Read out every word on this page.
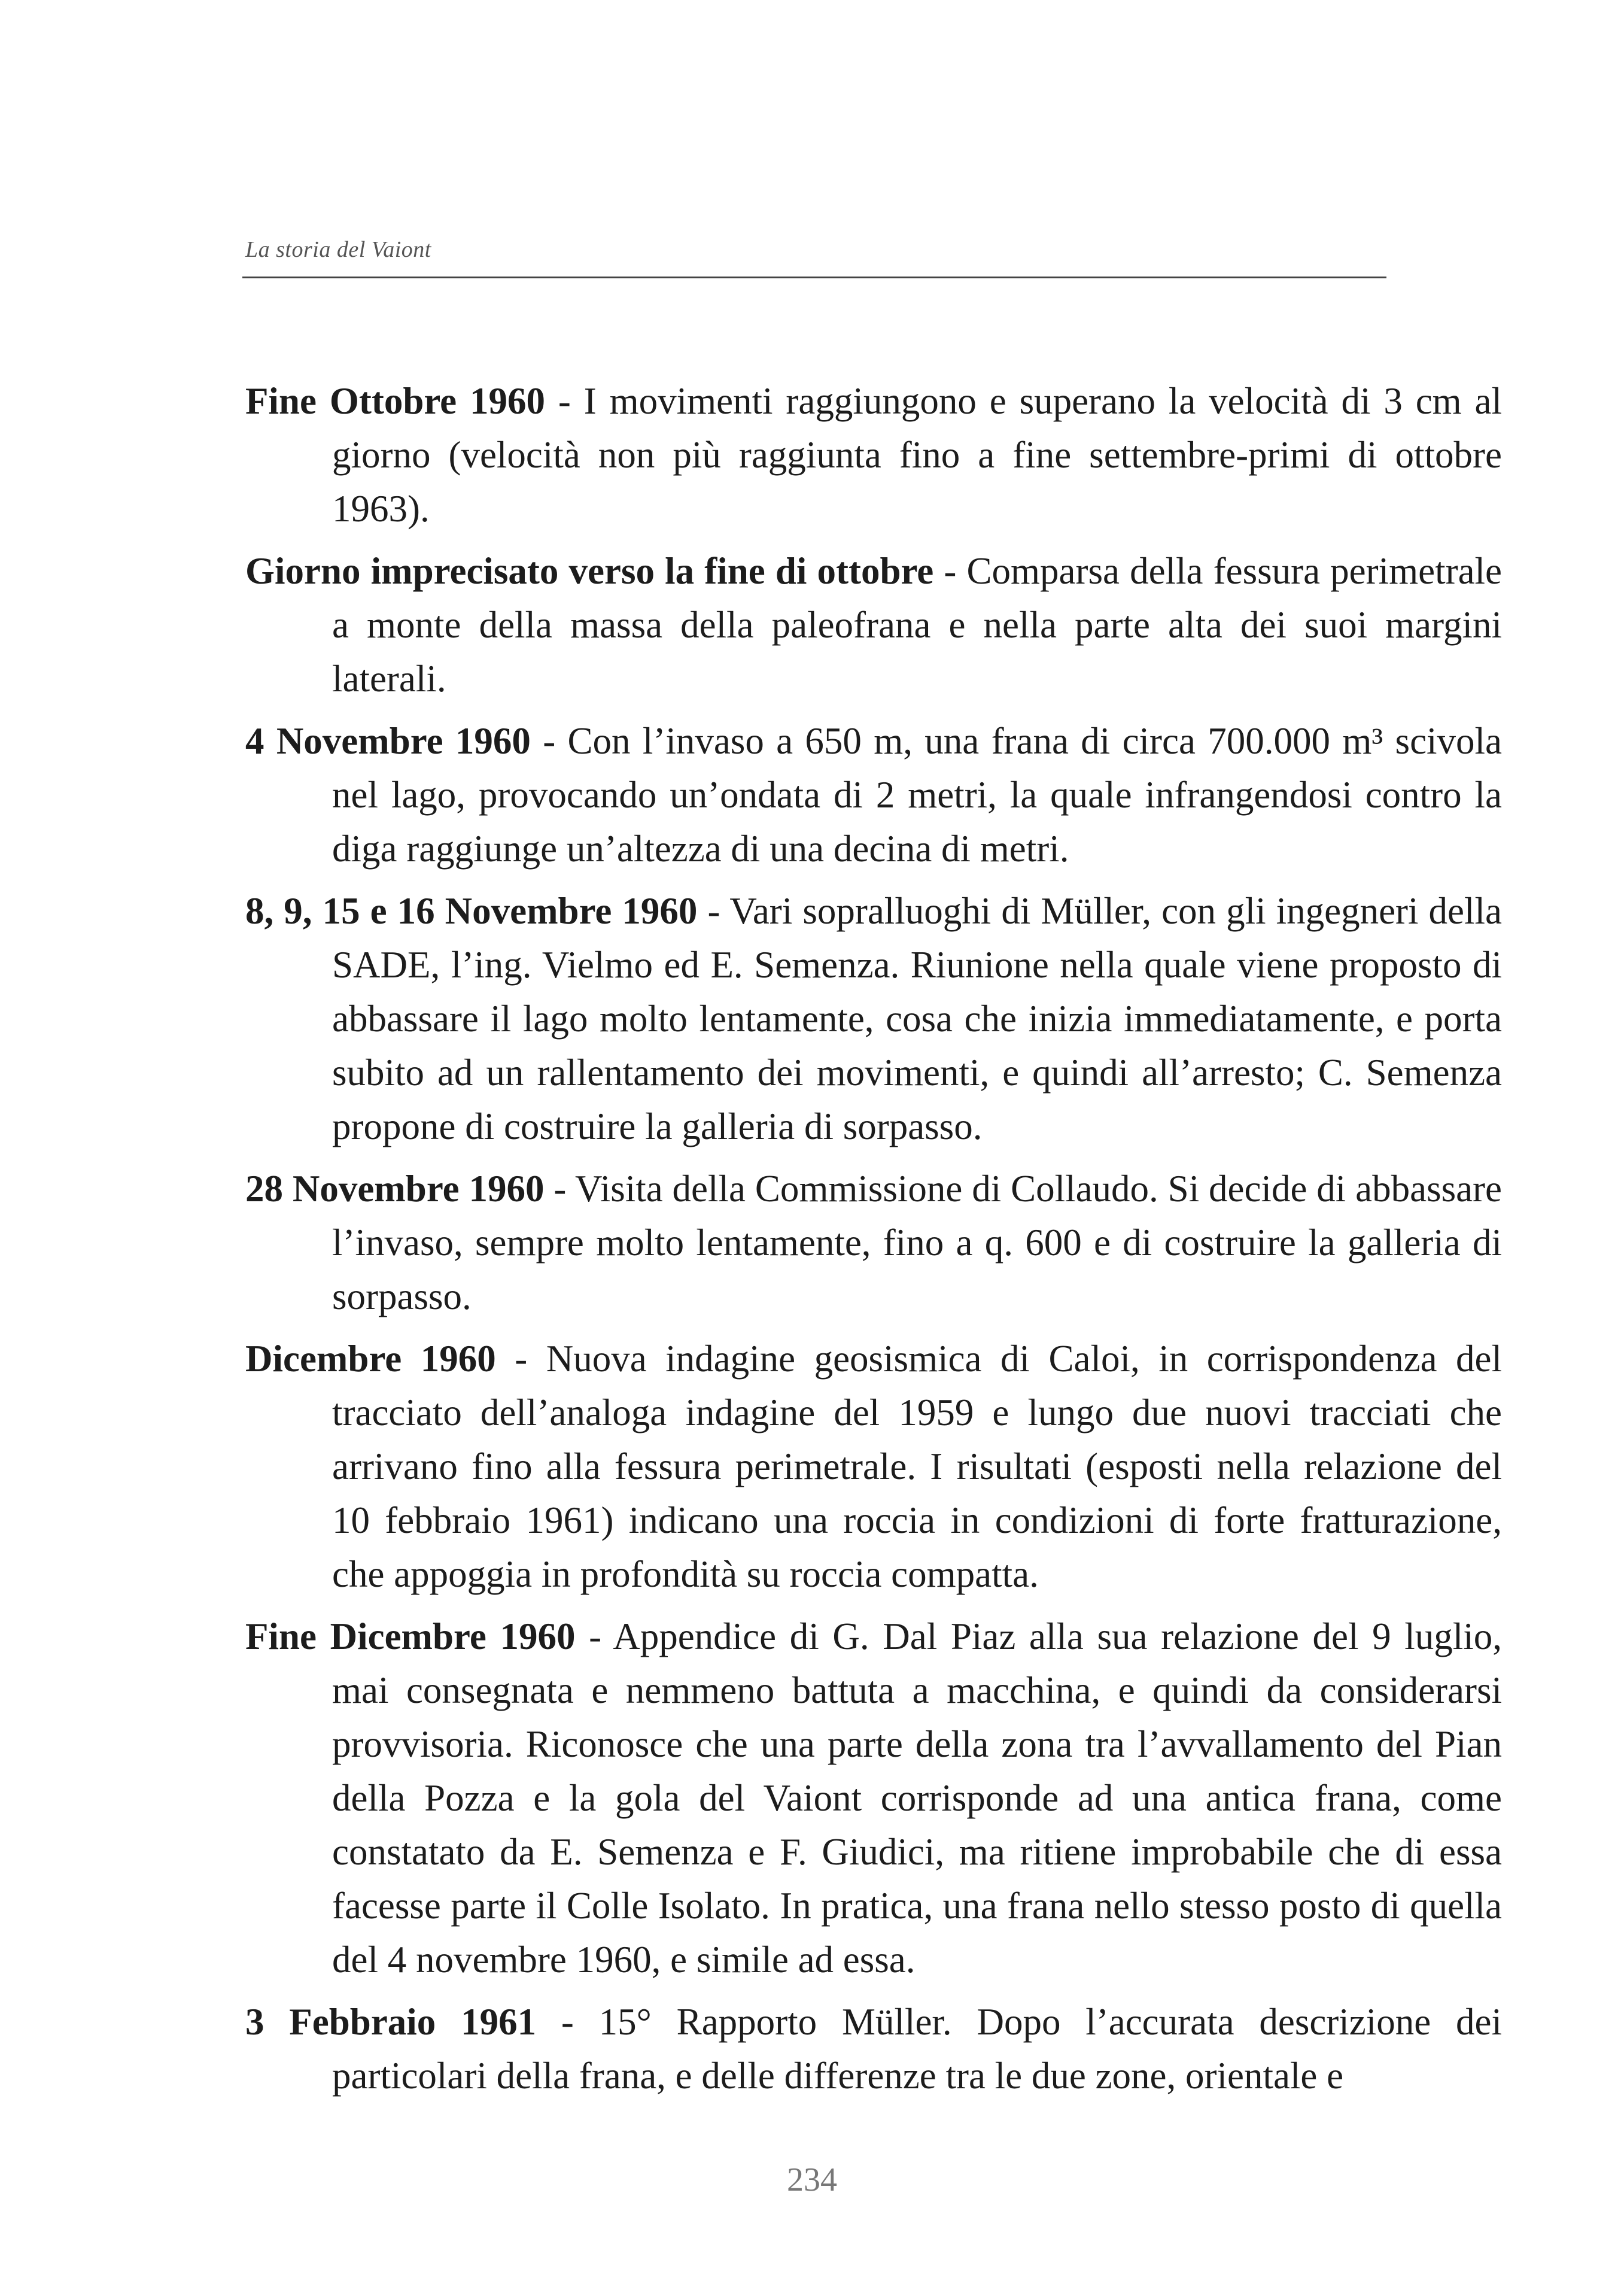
La storia del Vaiont

Fine Ottobre 1960 - I movimenti raggiungono e superano la velocità di 3 cm al giorno (velocità non più raggiunta fino a fine settembre-primi di ottobre 1963).

Giorno imprecisato verso la fine di ottobre - Comparsa della fessura perimetrale a monte della massa della paleofrana e nella parte alta dei suoi margini laterali.

4 Novembre 1960 - Con l’invaso a 650 m, una frana di circa 700.000 m³ scivola nel lago, provocando un’ondata di 2 metri, la quale infrangendosi contro la diga raggiunge un’altezza di una decina di metri.

8, 9, 15 e 16 Novembre 1960 - Vari sopralluoghi di Müller, con gli ingegneri della SADE, l’ing. Vielmo ed E. Semenza. Riunione nella quale viene proposto di abbassare il lago molto lentamente, cosa che inizia immediatamente, e porta subito ad un rallentamento dei movimenti, e quindi all’arresto; C. Semenza propone di costruire la galleria di sorpasso.

28 Novembre 1960 - Visita della Commissione di Collaudo. Si decide di abbassare l’invaso, sempre molto lentamente, fino a q. 600 e di costruire la galleria di sorpasso.

Dicembre 1960 - Nuova indagine geosismica di Caloi, in corrispondenza del tracciato dell’analoga indagine del 1959 e lungo due nuovi tracciati che arrivano fino alla fessura perimetrale. I risultati (esposti nella relazione del 10 febbraio 1961) indicano una roccia in condizioni di forte fratturazione, che appoggia in profondità su roccia compatta.

Fine Dicembre 1960 - Appendice di G. Dal Piaz alla sua relazione del 9 luglio, mai consegnata e nemmeno battuta a macchina, e quindi da considerarsi provvisoria. Riconosce che una parte della zona tra l’avvallamento del Pian della Pozza e la gola del Vaiont corrisponde ad una antica frana, come constatato da E. Semenza e F. Giudici, ma ritiene improbabile che di essa facesse parte il Colle Isolato. In pratica, una frana nello stesso posto di quella del 4 novembre 1960, e simile ad essa.

3 Febbraio 1961 - 15° Rapporto Müller. Dopo l’accurata descrizione dei particolari della frana, e delle differenze tra le due zone, orientale e

234
